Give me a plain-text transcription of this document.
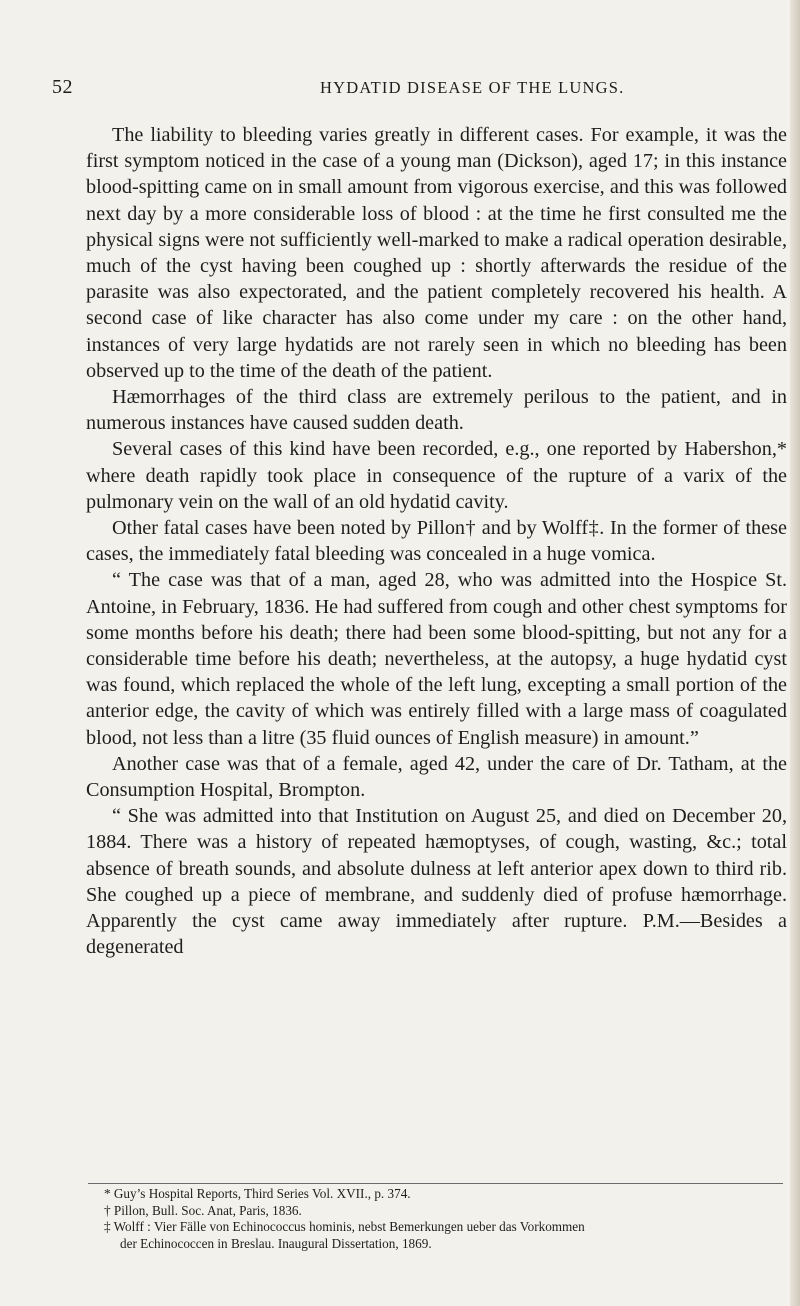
52	HYDATID DISEASE OF THE LUNGS.

The liability to bleeding varies greatly in different cases. For example, it was the first symptom noticed in the case of a young man (Dickson), aged 17; in this instance blood-spitting came on in small amount from vigorous exercise, and this was followed next day by a more considerable loss of blood : at the time he first consulted me the physical signs were not sufficiently well-marked to make a radical operation desirable, much of the cyst having been coughed up : shortly afterwards the residue of the parasite was also expectorated, and the patient completely recovered his health. A second case of like character has also come under my care : on the other hand, instances of very large hydatids are not rarely seen in which no bleeding has been observed up to the time of the death of the patient.

Hæmorrhages of the third class are extremely perilous to the patient, and in numerous instances have caused sudden death.

Several cases of this kind have been recorded, e.g., one reported by Habershon,* where death rapidly took place in consequence of the rupture of a varix of the pulmonary vein on the wall of an old hydatid cavity.

Other fatal cases have been noted by Pillon† and by Wolff‡. In the former of these cases, the immediately fatal bleeding was concealed in a huge vomica.

“ The case was that of a man, aged 28, who was admitted into the Hospice St. Antoine, in February, 1836. He had suffered from cough and other chest symptoms for some months before his death; there had been some blood-spitting, but not any for a considerable time before his death; nevertheless, at the autopsy, a huge hydatid cyst was found, which replaced the whole of the left lung, excepting a small portion of the anterior edge, the cavity of which was entirely filled with a large mass of coagulated blood, not less than a litre (35 fluid ounces of English measure) in amount.”

Another case was that of a female, aged 42, under the care of Dr. Tatham, at the Consumption Hospital, Brompton.

“ She was admitted into that Institution on August 25, and died on December 20, 1884. There was a history of repeated hæmoptyses, of cough, wasting, &c.; total absence of breath sounds, and absolute dulness at left anterior apex down to third rib. She coughed up a piece of membrane, and suddenly died of profuse hæmorrhage. Apparently the cyst came away immediately after rupture. P.M.—Besides a degenerated

* Guy’s Hospital Reports, Third Series Vol. XVII., p. 374.
† Pillon, Bull. Soc. Anat, Paris, 1836.
‡ Wolff : Vier Fälle von Echinococcus hominis, nebst Bemerkungen ueber das Vorkommen
der Echinococcen in Breslau. Inaugural Dissertation, 1869.
